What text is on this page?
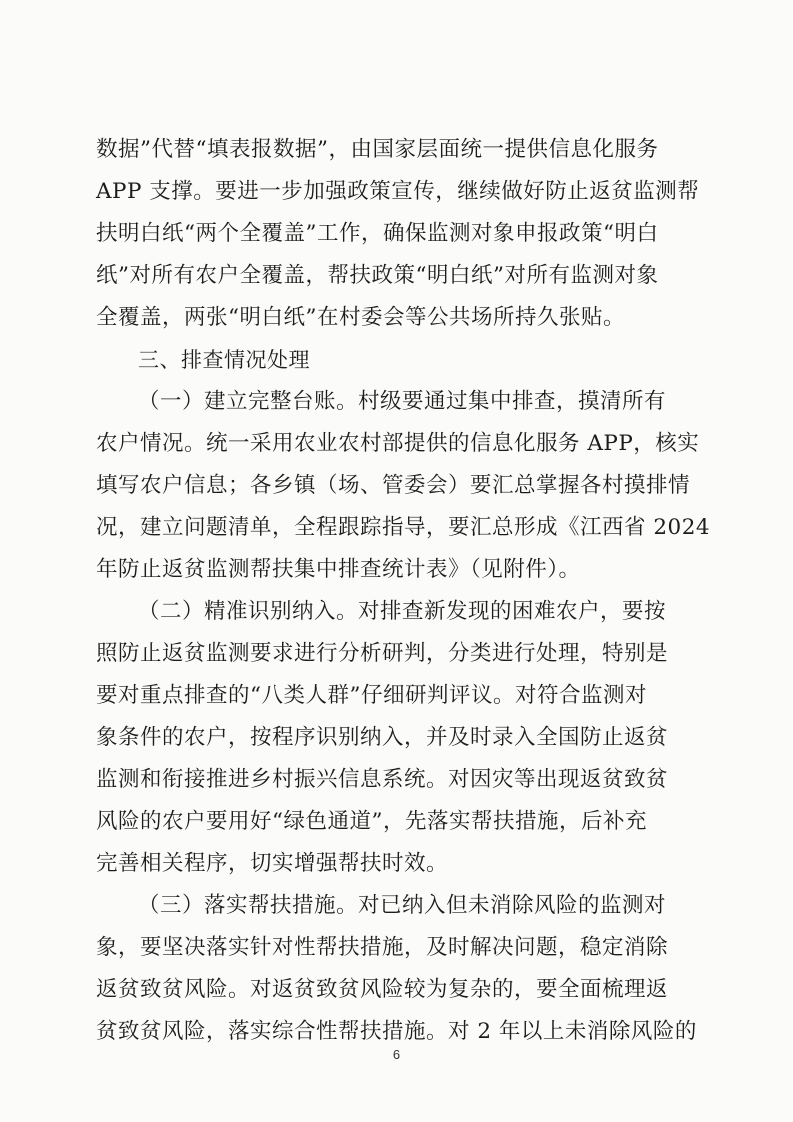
数据”代替“填表报数据”，由国家层面统一提供信息化服务
APP 支撑。要进一步加强政策宣传，继续做好防止返贫监测帮
扶明白纸“两个全覆盖”工作，确保监测对象申报政策“明白
纸”对所有农户全覆盖，帮扶政策“明白纸”对所有监测对象
全覆盖，两张“明白纸”在村委会等公共场所持久张贴。
三、排查情况处理
（一）建立完整台账。村级要通过集中排查，摸清所有
农户情况。统一采用农业农村部提供的信息化服务 APP，核实
填写农户信息；各乡镇（场、管委会）要汇总掌握各村摸排情
况，建立问题清单，全程跟踪指导，要汇总形成《江西省 2024
年防止返贫监测帮扶集中排查统计表》（见附件）。
（二）精准识别纳入。对排查新发现的困难农户，要按
照防止返贫监测要求进行分析研判，分类进行处理，特别是
要对重点排查的“八类人群”仔细研判评议。对符合监测对
象条件的农户，按程序识别纳入，并及时录入全国防止返贫
监测和衔接推进乡村振兴信息系统。对因灾等出现返贫致贫
风险的农户要用好“绿色通道”，先落实帮扶措施，后补充
完善相关程序，切实增强帮扶时效。
（三）落实帮扶措施。对已纳入但未消除风险的监测对
象，要坚决落实针对性帮扶措施，及时解决问题，稳定消除
返贫致贫风险。对返贫致贫风险较为复杂的，要全面梳理返
贫致贫风险，落实综合性帮扶措施。对 2 年以上未消除风险的
6
